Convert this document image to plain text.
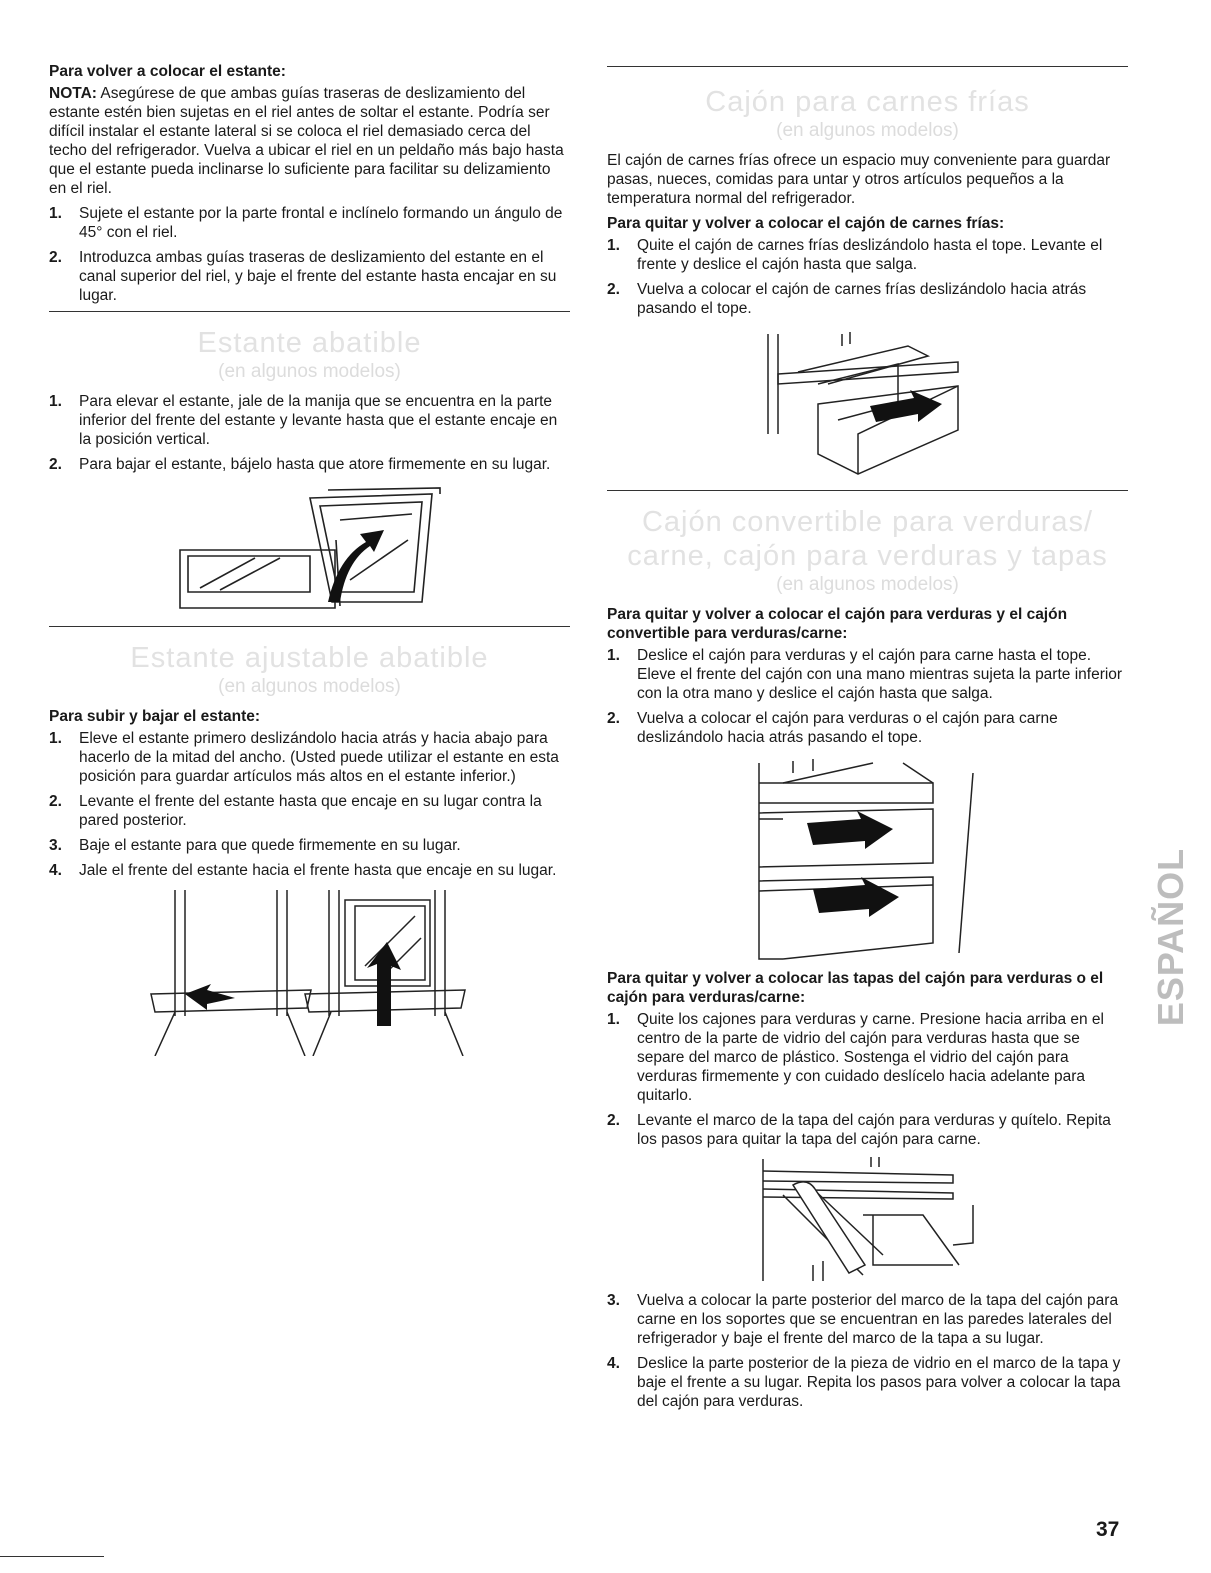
Para volver a colocar el estante:

NOTA: Asegúrese de que ambas guías traseras de deslizamiento del estante estén bien sujetas en el riel antes de soltar el estante. Podría ser difícil instalar el estante lateral si se coloca el riel demasiado cerca del techo del refrigerador. Vuelva a ubicar el riel en un peldaño más bajo hasta que el estante pueda inclinarse lo suficiente para facilitar su delizamiento en el riel.

1. Sujete el estante por la parte frontal e inclínelo formando un ángulo de 45° con el riel.
2. Introduzca ambas guías traseras de deslizamiento del estante en el canal superior del riel, y baje el frente del estante hasta encajar en su lugar.

Estante abatible

(en algunos modelos)

1. Para elevar el estante, jale de la manija que se encuentra en la parte inferior del frente del estante y levante hasta que el estante encaje en la posición vertical.
2. Para bajar el estante, bájelo hasta que atore firmemente en su lugar.

Estante ajustable abatible

(en algunos modelos)

Para subir y bajar el estante:

1. Eleve el estante primero deslizándolo hacia atrás y hacia abajo para hacerlo de la mitad del ancho. (Usted puede utilizar el estante en esta posición para guardar artículos más altos en el estante inferior.)
2. Levante el frente del estante hasta que encaje en su lugar contra la pared posterior.
3. Baje el estante para que quede firmemente en su lugar.
4. Jale el frente del estante hacia el frente hasta que encaje en su lugar.

Cajón para carnes frías

(en algunos modelos)

El cajón de carnes frías ofrece un espacio muy conveniente para guardar pasas, nueces, comidas para untar y otros artículos pequeños a la temperatura normal del refrigerador.

Para quitar y volver a colocar el cajón de carnes frías:

1. Quite el cajón de carnes frías deslizándolo hasta el tope. Levante el frente y deslice el cajón hasta que salga.
2. Vuelva a colocar el cajón de carnes frías deslizándolo hacia atrás pasando el tope.

Cajón convertible para verduras/

carne, cajón para verduras y tapas

(en algunos modelos)

Para quitar y volver a colocar el cajón para verduras y el cajón convertible para verduras/carne:

1. Deslice el cajón para verduras y el cajón para carne hasta el tope. Eleve el frente del cajón con una mano mientras sujeta la parte inferior con la otra mano y deslice el cajón hasta que salga.
2. Vuelva a colocar el cajón para verduras o el cajón para carne deslizándolo hacia atrás pasando el tope.

Para quitar y volver a colocar las tapas del cajón para verduras o el cajón para verduras/carne:

1. Quite los cajones para verduras y carne. Presione hacia arriba en el centro de la parte de vidrio del cajón para verduras hasta que se separe del marco de plástico. Sostenga el vidrio del cajón para verduras firmemente y con cuidado deslícelo hacia adelante para quitarlo.
2. Levante el marco de la tapa del cajón para verduras y quítelo. Repita los pasos para quitar la tapa del cajón para carne.
3. Vuelva a colocar la parte posterior del marco de la tapa del cajón para carne en los soportes que se encuentran en las paredes laterales del refrigerador y baje el frente del marco de la tapa a su lugar.
4. Deslice la parte posterior de la pieza de vidrio en el marco de la tapa y baje el frente a su lugar. Repita los pasos para volver a colocar la tapa del cajón para verduras.
ESPAÑOL
37
